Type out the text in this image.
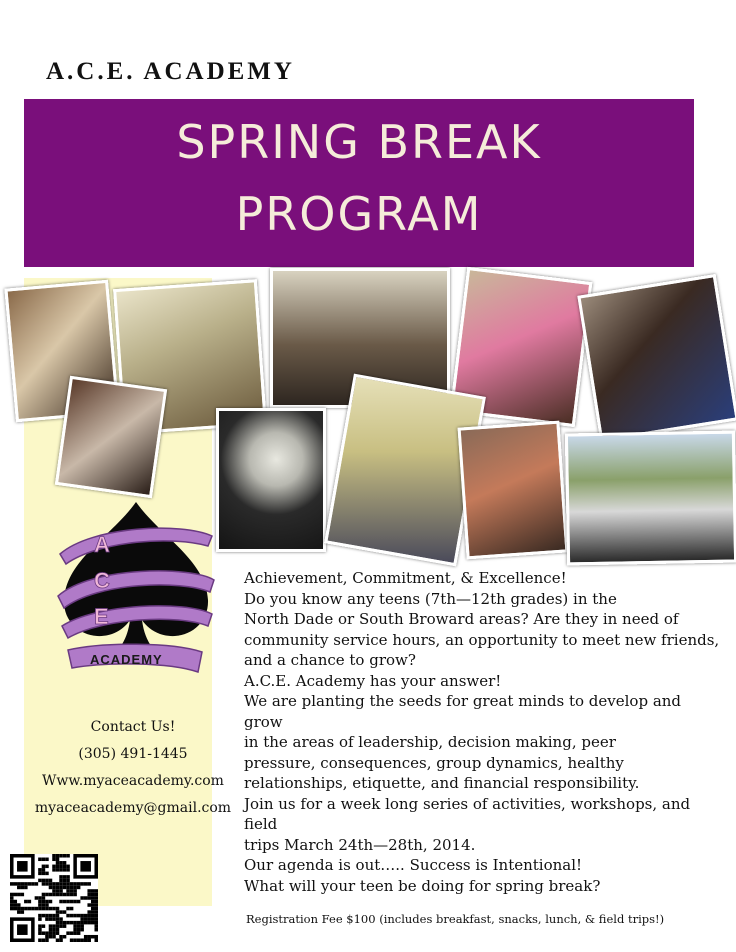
A.C.E. ACADEMY
SPRING BREAK
PROGRAM
A
C
E
ACADEMY
Contact Us!
(305) 491-1445
Www.myaceacademy.com
myaceacademy@gmail.com

Achievement, Commitment, & Excellence!

Do you know any teens (7th—12th grades) in the

North Dade or South Broward areas? Are they in need of

community service hours, an opportunity to meet new friends,

and a chance to grow?

A.C.E. Academy has your answer!

We are planting the seeds for great minds to develop and grow

in the areas of leadership, decision making, peer

pressure, consequences, group dynamics, healthy

relationships, etiquette, and financial responsibility.

Join us for a week long series of activities, workshops, and field

trips March 24th—28th, 2014.

Our agenda is out….. Success is Intentional!

What will your teen be doing for spring break?

Registration Fee $100 (includes breakfast, snacks, lunch, & field trips!)
